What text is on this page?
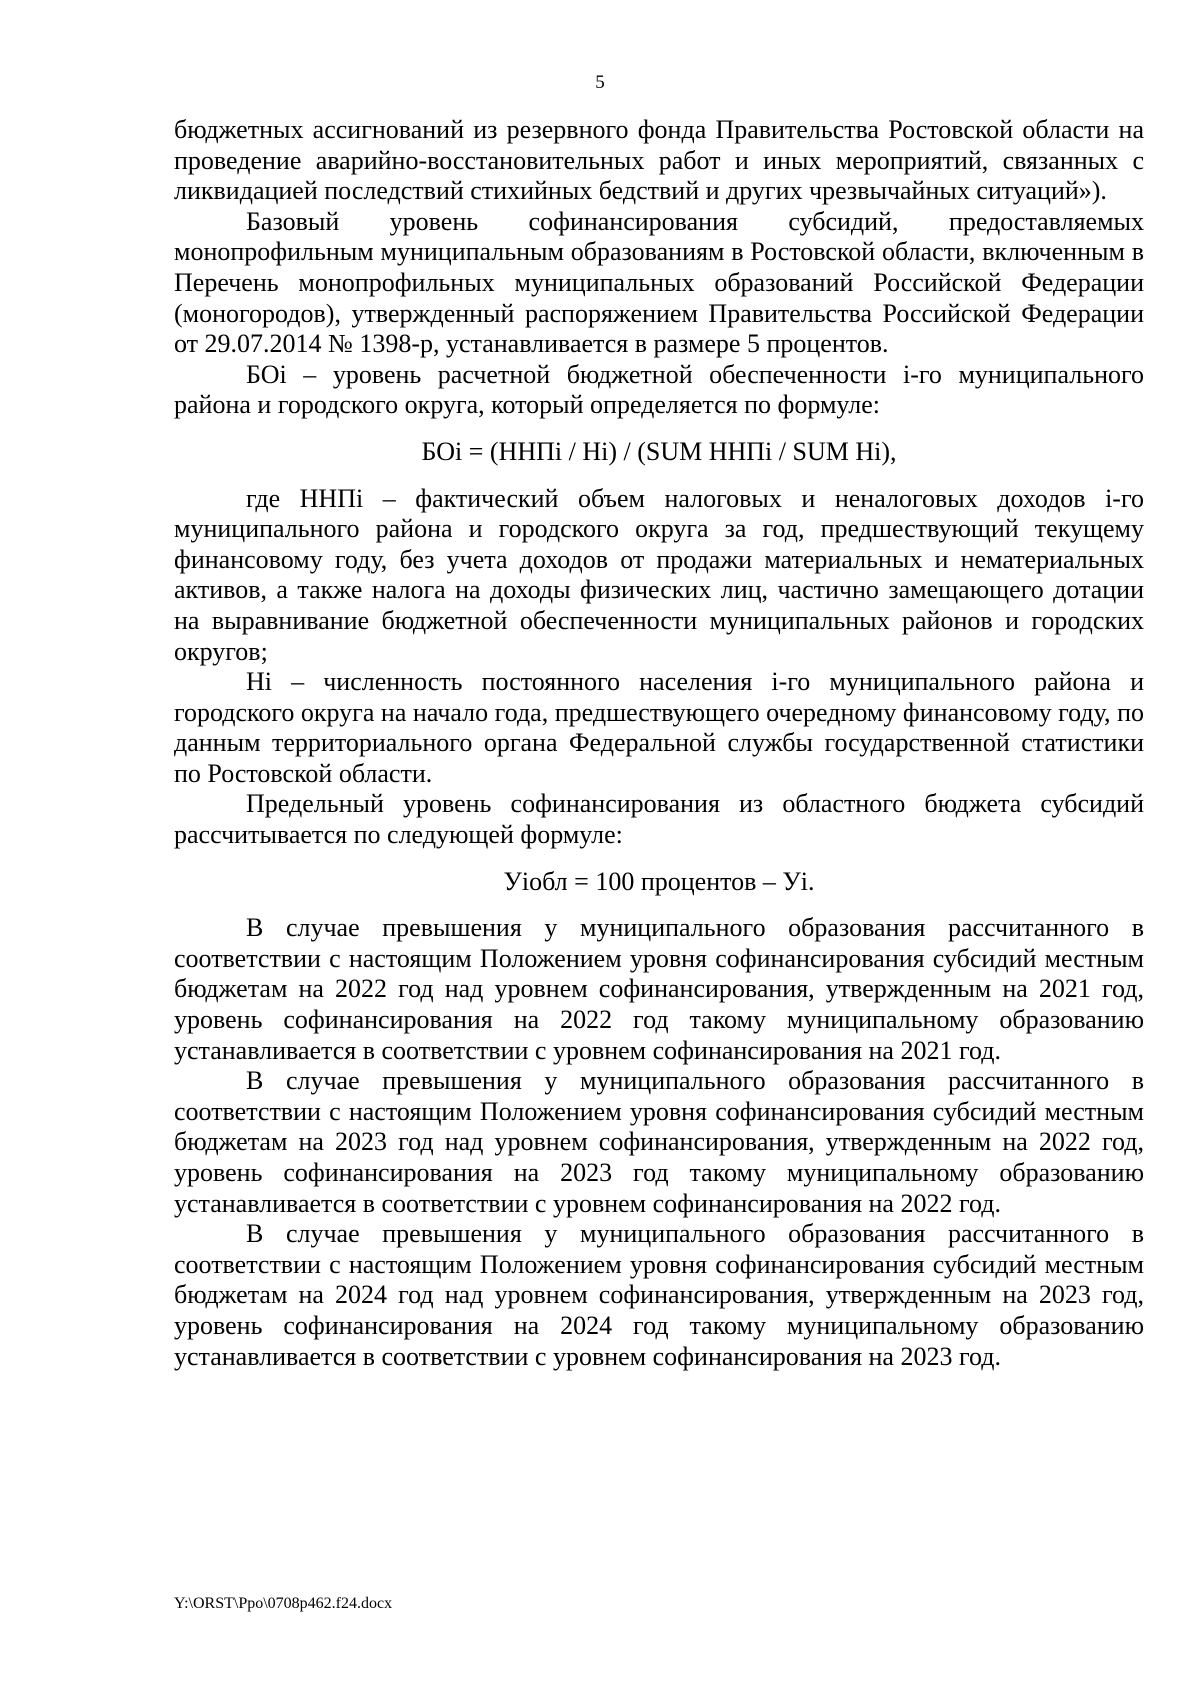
5

бюджетных ассигнований из резервного фонда Правительства Ростовской области на проведение аварийно-восстановительных работ и иных мероприятий, связанных с ликвидацией последствий стихийных бедствий и других чрезвычайных ситуаций»).

Базовый уровень софинансирования субсидий, предоставляемых монопрофильным муниципальным образованиям в Ростовской области, включенным в Перечень монопрофильных муниципальных образований Российской Федерации (моногородов), утвержденный распоряжением Правительства Российской Федерации от 29.07.2014 № 1398-р, устанавливается в размере 5 процентов.

БОi – уровень расчетной бюджетной обеспеченности i-го муниципального района и городского округа, который определяется по формуле:

БОi = (ННПi / Нi) / (SUM ННПi / SUM Нi),

где ННПi – фактический объем налоговых и неналоговых доходов i-го муниципального района и городского округа за год, предшествующий текущему финансовому году, без учета доходов от продажи материальных и нематериальных активов, а также налога на доходы физических лиц, частично замещающего дотации на выравнивание бюджетной обеспеченности муниципальных районов и городских округов;

Нi – численность постоянного населения i-го муниципального района и городского округа на начало года, предшествующего очередному финансовому году, по данным территориального органа Федеральной службы государственной статистики по Ростовской области.

Предельный уровень софинансирования из областного бюджета субсидий рассчитывается по следующей формуле:

Уiобл = 100 процентов – Уi.

В случае превышения у муниципального образования рассчитанного в соответствии с настоящим Положением уровня софинансирования субсидий местным бюджетам на 2022 год над уровнем софинансирования, утвержденным на 2021 год, уровень софинансирования на 2022 год такому муниципальному образованию устанавливается в соответствии с уровнем софинансирования на 2021 год.

В случае превышения у муниципального образования рассчитанного в соответствии с настоящим Положением уровня софинансирования субсидий местным бюджетам на 2023 год над уровнем софинансирования, утвержденным на 2022 год, уровень софинансирования на 2023 год такому муниципальному образованию устанавливается в соответствии с уровнем софинансирования на 2022 год.

В случае превышения у муниципального образования рассчитанного в соответствии с настоящим Положением уровня софинансирования субсидий местным бюджетам на 2024 год над уровнем софинансирования, утвержденным на 2023 год, уровень софинансирования на 2024 год такому муниципальному образованию устанавливается в соответствии с уровнем софинансирования на 2023 год.

Y:\ORST\Ppo\0708p462.f24.docx
